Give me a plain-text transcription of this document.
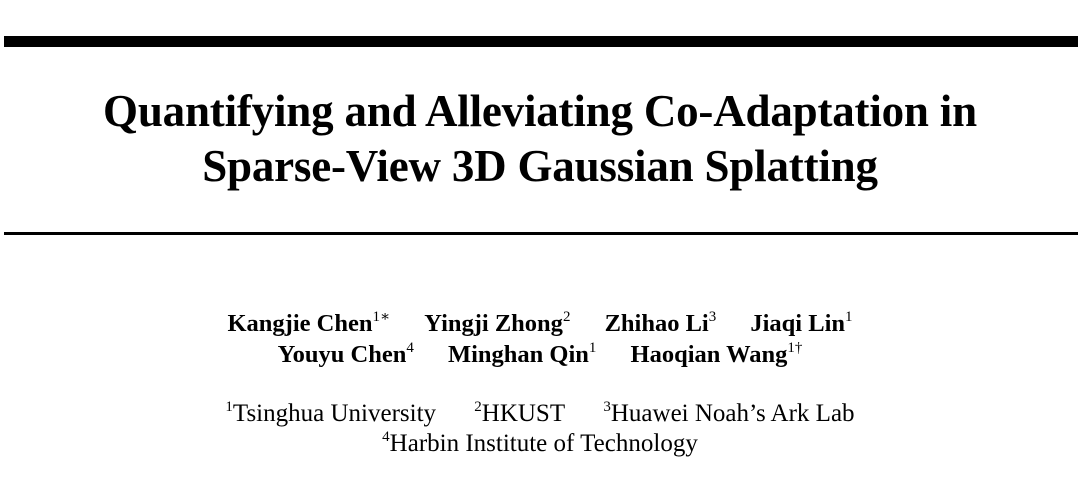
Quantifying and Alleviating Co-Adaptation in
Sparse-View 3D Gaussian Splatting
Kangjie Chen$^{1∗}$ Yingji Zhong$^2$ Zhihao Li$^3$ Jiaqi Lin$^1$
Youyu Chen$^4$ Minghan Qin$^1$ Haoqian Wang$^{1\dagger}$
$^1$Tsinghua University	$^2$HKUST	$^3$Huawei Noah’s Ark Lab
$^4$Harbin Institute of Technology
